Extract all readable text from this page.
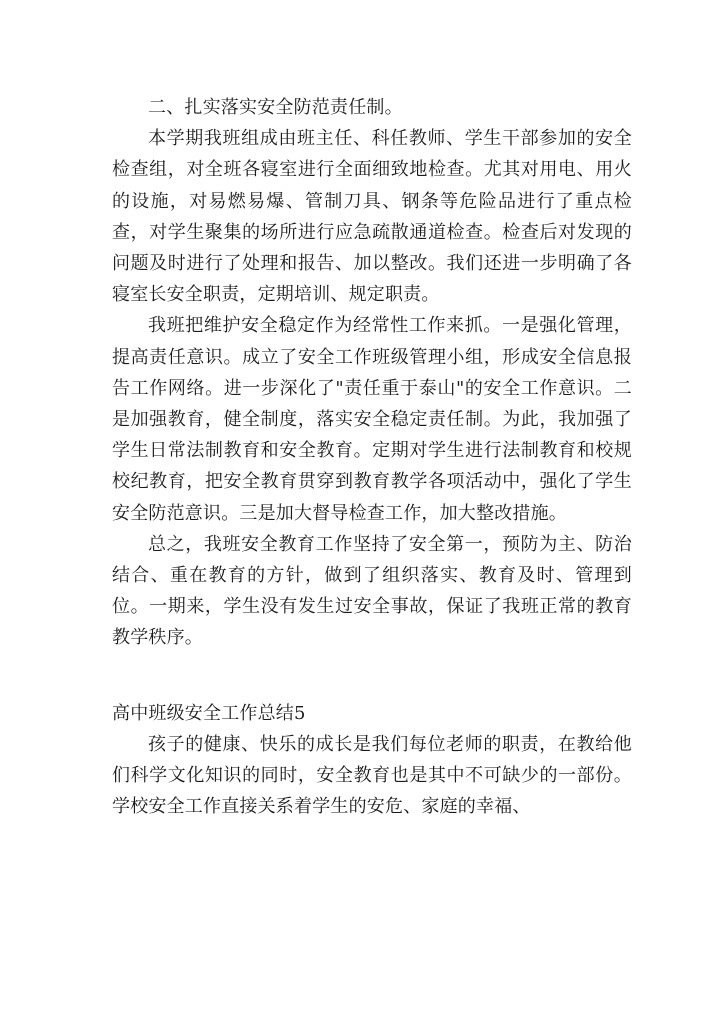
二、扎实落实安全防范责任制。

本学期我班组成由班主任、科任教师、学生干部参加的安全检查组，对全班各寝室进行全面细致地检查。尤其对用电、用火的设施，对易燃易爆、管制刀具、钢条等危险品进行了重点检查，对学生聚集的场所进行应急疏散通道检查。检查后对发现的问题及时进行了处理和报告、加以整改。我们还进一步明确了各寝室长安全职责，定期培训、规定职责。

我班把维护安全稳定作为经常性工作来抓。一是强化管理，提高责任意识。成立了安全工作班级管理小组，形成安全信息报告工作网络。进一步深化了"责任重于泰山"的安全工作意识。二是加强教育，健全制度，落实安全稳定责任制。为此，我加强了学生日常法制教育和安全教育。定期对学生进行法制教育和校规校纪教育，把安全教育贯穿到教育教学各项活动中，强化了学生安全防范意识。三是加大督导检查工作，加大整改措施。

总之，我班安全教育工作坚持了安全第一，预防为主、防治结合、重在教育的方针，做到了组织落实、教育及时、管理到位。一期来，学生没有发生过安全事故，保证了我班正常的教育教学秩序。

高中班级安全工作总结5

孩子的健康、快乐的成长是我们每位老师的职责，在教给他们科学文化知识的同时，安全教育也是其中不可缺少的一部份。学校安全工作直接关系着学生的安危、家庭的幸福、
